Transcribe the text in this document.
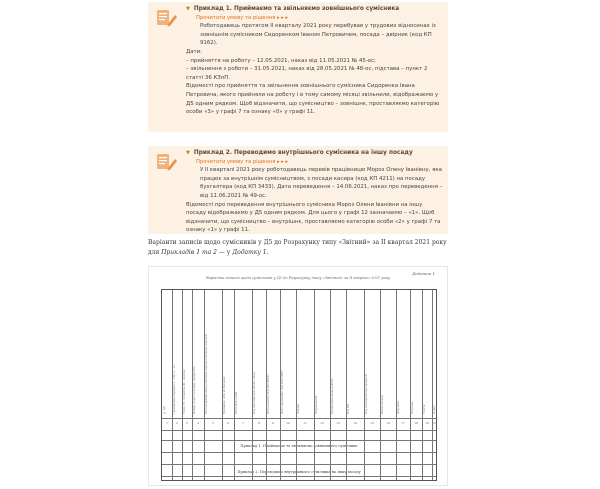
▼ Приклад 1. Приймаємо та звільняємо зовнішнього сумісника
Прочитати умову та рішення ▸ ▸ ▸

Роботодавець протягом ІІ кварталу 2021 року перебував у трудових відносинах із зовнішнім сумісником Сидоренком Іваном Петровичем, посада – двірник (код КП 9162).

Дати:

– прийняття на роботу – 12.05.2021, наказ від 11.05.2021 № 45-ос;

– звільнення з роботи – 31.05.2021, наказ від 28.05.2021 № 48-ос, підстава – пункт 2 статті 36 КЗпП.

Відомості про прийняття та звільнення зовнішнього сумісника Сидоренка Івана Петровича, якого прийняли на роботу і в тому самому місяці звільнили, відображаємо у Д5 одним рядком. Щоб відзначити, що сумісництво – зовнішнє, проставляємо категорію особи «3» у графі 7 та ознаку «0» у графі 11.

▼ Приклад 2. Переводимо внутрішнього сумісника на іншу посаду
Прочитати умову та рішення ▸ ▸ ▸

У ІІ кварталі 2021 року роботодавець перевів працівницю Мороз Олену Іванівну, яка працює за внутрішнім сумісництвом, з посади касира (код КП 4211) на посаду бухгалтера (код КП 3433). Дата переведення – 14.06.2021, наказ про переведення – від 11.06.2021 № 49-ос.

Відомості про переведення внутрішнього сумісника Мороз Олени Іванівни на іншу посаду відображаємо у Д5 одним рядком. Для цього у графі 12 зазначаємо – «1». Щоб відзначити, що сумісництво – внутрішнє, проставляємо категорію особи «2» у графі 7 та ознаку «1» у графі 11.

Варіанти записів щодо сумісників у Д5 до Розрахунку типу «Звітний» за ІІ квартал 2021 року для Прикладів 1 та 2 — у Додатку 1.
Додаток 1
Варіанти записів щодо сумісників у Д5 до Розрахунку типу «Звітний» за ІІ квартал 2021 року
Приклад 1. Приймаємо та звільняємо зовнішнього сумісника
Приклад 2. Переводимо внутрішнього сумісника на іншу посаду
№ п/п
1
Громадянин України (1 – так, 0 – ні)
2
Стать (Ч – чоловіча, Ж – жіноча)
3
Номер (серія та номер) документа
4
Реєстраційний номер облікової картки платника податків
5
Прізвище, ім'я, по батькові
6
Категорія особи
7
Код підстави для обліку стажу
8
Дата початку (ДД.ММ.РРРР)
9
Дата закінчення (ДД.ММ.РРРР)
10
Ознака
11
Переведення
12
Професійна назва роботи
13
Код КП
14
Код класифікатора професій
15
Назва посади
16
Документ
17
Підстава
18
Стаття
19
Пункт
20
